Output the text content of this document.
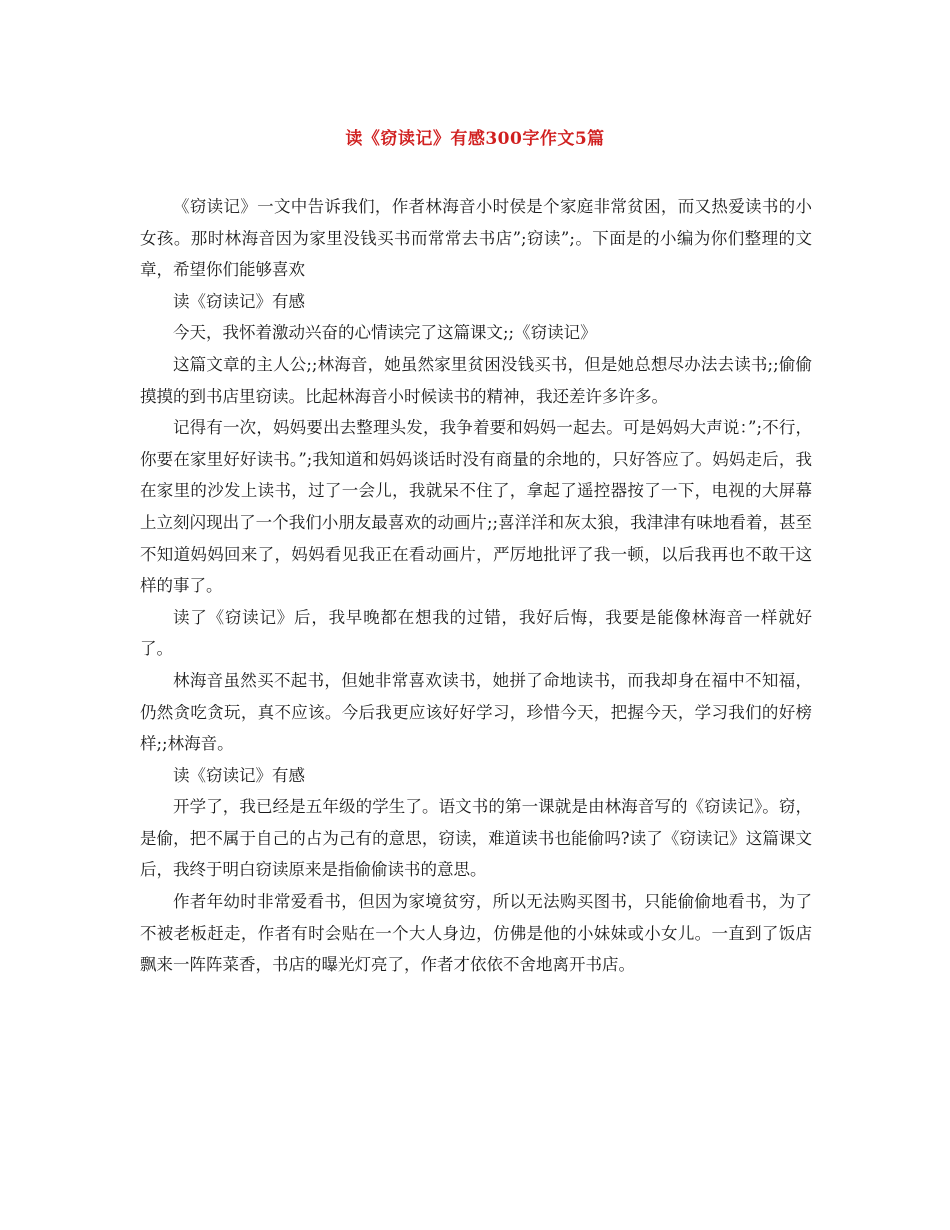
读《窃读记》有感300字作文5篇

《窃读记》一文中告诉我们，作者林海音小时侯是个家庭非常贫困，而又热爱读书的小女孩。那时林海音因为家里没钱买书而常常去书店”;窃读”;。下面是的小编为你们整理的文章，希望你们能够喜欢

读《窃读记》有感

今天，我怀着激动兴奋的心情读完了这篇课文;;《窃读记》

这篇文章的主人公;;林海音，她虽然家里贫困没钱买书，但是她总想尽办法去读书;;偷偷摸摸的到书店里窃读。比起林海音小时候读书的精神，我还差许多许多。

记得有一次，妈妈要出去整理头发，我争着要和妈妈一起去。可是妈妈大声说：”;不行，你要在家里好好读书。”;我知道和妈妈谈话时没有商量的余地的，只好答应了。妈妈走后，我在家里的沙发上读书，过了一会儿，我就呆不住了，拿起了遥控器按了一下，电视的大屏幕上立刻闪现出了一个我们小朋友最喜欢的动画片;;喜洋洋和灰太狼，我津津有味地看着，甚至不知道妈妈回来了，妈妈看见我正在看动画片，严厉地批评了我一顿，以后我再也不敢干这样的事了。

读了《窃读记》后，我早晚都在想我的过错，我好后悔，我要是能像林海音一样就好了。

林海音虽然买不起书，但她非常喜欢读书，她拼了命地读书，而我却身在福中不知福，仍然贪吃贪玩，真不应该。今后我更应该好好学习，珍惜今天，把握今天，学习我们的好榜样;;林海音。

读《窃读记》有感

开学了，我已经是五年级的学生了。语文书的第一课就是由林海音写的《窃读记》。窃，是偷，把不属于自己的占为己有的意思，窃读，难道读书也能偷吗?读了《窃读记》这篇课文后，我终于明白窃读原来是指偷偷读书的意思。

作者年幼时非常爱看书，但因为家境贫穷，所以无法购买图书，只能偷偷地看书，为了不被老板赶走，作者有时会贴在一个大人身边，仿佛是他的小妹妹或小女儿。一直到了饭店飘来一阵阵菜香，书店的曝光灯亮了，作者才依依不舍地离开书店。
